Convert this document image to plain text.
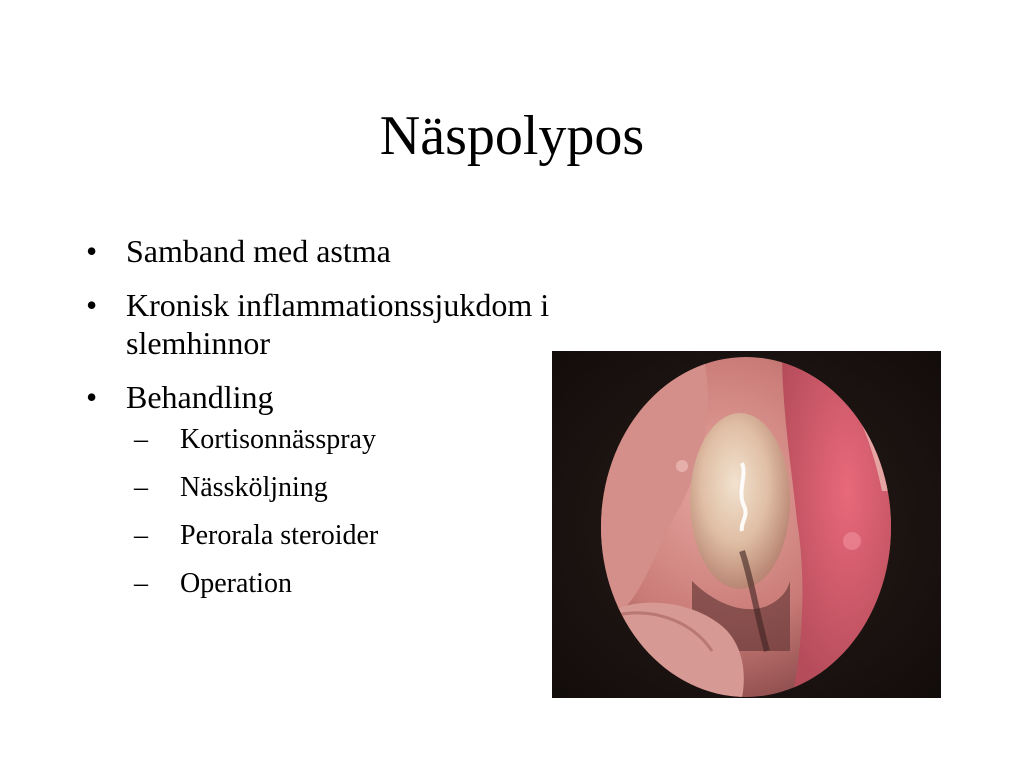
Näspolypos
• Samband med astma
• Kronisk inflammationssjukdom i slemhinnor
• Behandling
–	Kortisonnässpray
–	Nässköljning
–	Perorala steroider
–	Operation
